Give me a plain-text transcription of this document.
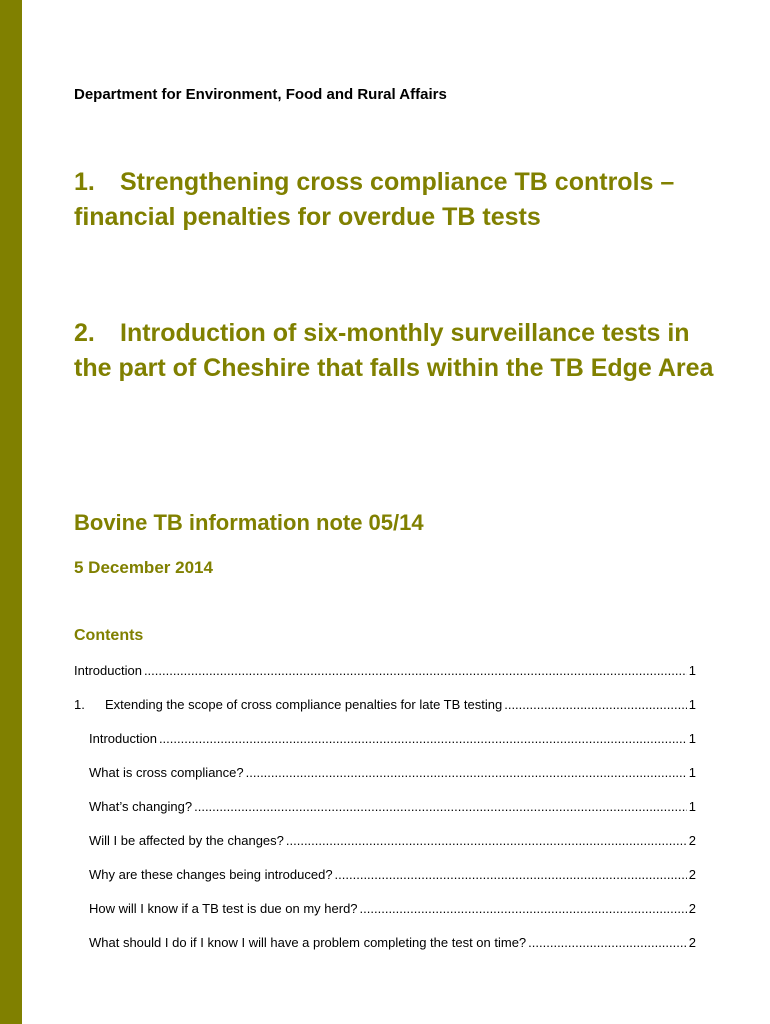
Department for Environment, Food and Rural Affairs
1. Strengthening cross compliance TB controls – financial penalties for overdue TB tests
2. Introduction of six-monthly surveillance tests in the part of Cheshire that falls within the TB Edge Area
Bovine TB information note 05/14
5 December 2014
Contents
Introduction .....	1
1.	Extending the scope of cross compliance penalties for late TB testing .....	1
Introduction .....	1
What is cross compliance? .....	1
What’s changing? .....	1
Will I be affected by the changes? .....	2
Why are these changes being introduced? .....	2
How will I know if a TB test is due on my herd? .....	2
What should I do if I know I will have a problem completing the test on time? .....	2
